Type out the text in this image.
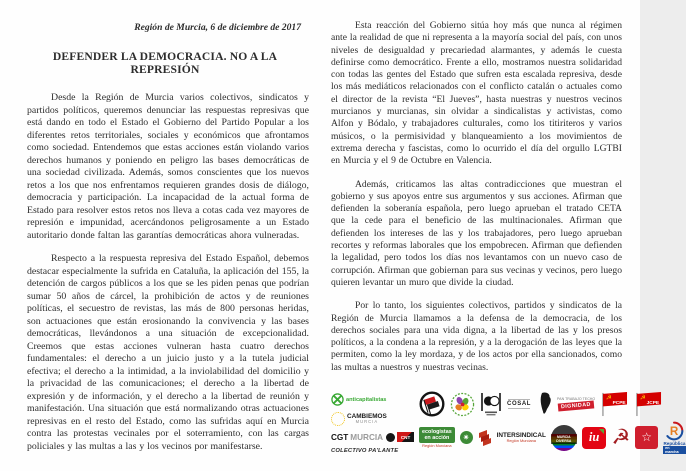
Región de Murcia, 6 de diciembre de 2017
DEFENDER LA DEMOCRACIA. NO A LA REPRESIÓN

Desde la Región de Murcia varios colectivos, sindicatos y partidos políticos, queremos denunciar las respuestas represivas que está dando en todo el Estado el Gobierno del Partido Popular a los diferentes retos territoriales, sociales y económicos que afrontamos como sociedad. Entendemos que estas acciones están violando varios derechos humanos y poniendo en peligro las bases democráticas de una sociedad civilizada. Además, somos conscientes que los nuevos retos a los que nos enfrentamos requieren grandes dosis de diálogo, democracia y participación. La incapacidad de la actual forma de Estado para resolver estos retos nos lleva a cotas cada vez mayores de represión e impunidad, acercándonos peligrosamente a un Estado autoritario donde faltan las garantías democráticas ahora vulneradas.

Respecto a la respuesta represiva del Estado Español, debemos destacar especialmente la sufrida en Cataluña, la aplicación del 155, la detención de cargos públicos a los que se les piden penas que podrían sumar 50 años de cárcel, la prohibición de actos y de reuniones políticas, el secuestro de revistas, las más de 800 personas heridas, son actuaciones que están erosionando la convivencia y las bases democráticas, llevándonos a una situación de excepcionalidad. Creemos que estas acciones vulneran hasta cuatro derechos fundamentales: el derecho a un juicio justo y a la tutela judicial efectiva; el derecho a la intimidad, a la inviolabilidad del domicilio y la privacidad de las comunicaciones; el derecho a la libertad de expresión y de información, y el derecho a la libertad de reunión y manifestación. Una situación que está normalizando otras actuaciones represivas en el resto del Estado, como las sufridas aquí en Murcia contra las protestas vecinales por el soterramiento, con las cargas policiales y las multas a las y los vecinos por manifestarse.

Esta reacción del Gobierno sitúa hoy más que nunca al régimen ante la realidad de que ni representa a la mayoría social del país, con unos niveles de desigualdad y precariedad alarmantes, y además le cuesta definirse como democrático. Frente a ello, mostramos nuestra solidaridad con todas las gentes del Estado que sufren esta escalada represiva, desde los más mediáticos relacionados con el conflicto catalán o actuales como el director de la revista “El Jueves”, hasta nuestras y nuestros vecinos murcianos y murcianas, sin olvidar a sindicalistas y activistas, como Alfon y Bódalo, y trabajadores culturales, como los titiriteros y varios músicos, o la permisividad y blanqueamiento a los movimientos de extrema derecha y fascistas, como lo ocurrido el día del orgullo LGTBI en Murcia y el 9 de Octubre en Valencia.

Además, criticamos las altas contradicciones que muestran el gobierno y sus apoyos entre sus argumentos y sus acciones. Afirman que defienden la soberanía española, pero luego aprueban el tratado CETA que la cede para el beneficio de las multinacionales. Afirman que defienden los intereses de las y los trabajadores, pero luego aprueban recortes y reformas laborales que los empobrecen. Afirman que defienden la legalidad, pero todos los días nos levantamos con un nuevo caso de corrupción. Afirman que gobiernan para sus vecinas y vecinos, pero luego quieren levantar un muro que divide la ciudad.

Por lo tanto, los siguientes colectivos, partidos y sindicatos de la Región de Murcia llamamos a la defensa de la democracia, de los derechos sociales para una vida digna, a la libertad de las y los presos políticos, a la condena a la represión, y a la derogación de las leyes que la permiten, como la ley mordaza, y de los actos por ella sancionados, como las multas a nuestros y nuestras vecinas.

anticapitalistas
CAMBIEMOS
MURCIA
CGT MURCIA	CNT
COLECTIVO PA'LANTE
COSAL
PAN TRABAJO TECHO
DIGNIDAD
☭
PCPE
☭
JCPE
ecologistas
en acción
Región Murciana
✷	INTERSINDICAL
Región Murciana
MURCIA DIVERSA	iu ☭ ☆	R
República
en marcha
